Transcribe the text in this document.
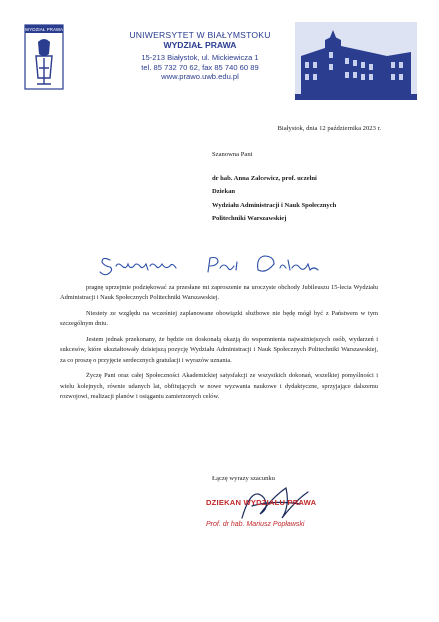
WYDZIAŁ PRAWA
UNIWERSYTET W BIAŁYMSTOKU
WYDZIAŁ PRAWA
15-213 Białystok, ul. Mickiewicza 1
tel. 85 732 70 62, fax 85 740 60 89
www.prawo.uwb.edu.pl
Białystok, dnia 12 października 2023 r.
Szanowna Pani
dr hab. Anna Zalcewicz, prof. uczelni
Dziekan
Wydziału Administracji i Nauk Społecznych
Politechniki Warszawskiej

pragnę uprzejmie podziękować za przesłane mi zaproszenie na uroczyste obchody Jubileuszu 15-lecia Wydziału Administracji i Nauk Społecznych Politechniki Warszawskiej.

Niestety ze względu na wcześniej zaplanowane obowiązki służbowe nie będę mógł być z Państwem w tym szczególnym dniu.

Jestem jednak przekonany, że będzie on doskonałą okazją do wspomnienia najważniejszych osób, wydarzeń i sukcesów, które ukształtowały dzisiejszą pozycję Wydziału Administracji i Nauk Społecznych Politechniki Warszawskiej, za co proszę o przyjęcie serdecznych gratulacji i wyrazów uznania.

Życzę Pani oraz całej Społeczności Akademickiej satysfakcji ze wszystkich dokonań, wszelkiej pomyślności i wielu kolejnych, równie udanych lat, obfitujących w nowe wyzwania naukowe i dydaktyczne, sprzyjające dalszemu rozwojowi, realizacji planów i osiąganiu zamierzonych celów.

Łączę wyrazy szacunku
DZIEKAN WYDZIAŁU PRAWA
Prof. dr hab. Mariusz Popławski
